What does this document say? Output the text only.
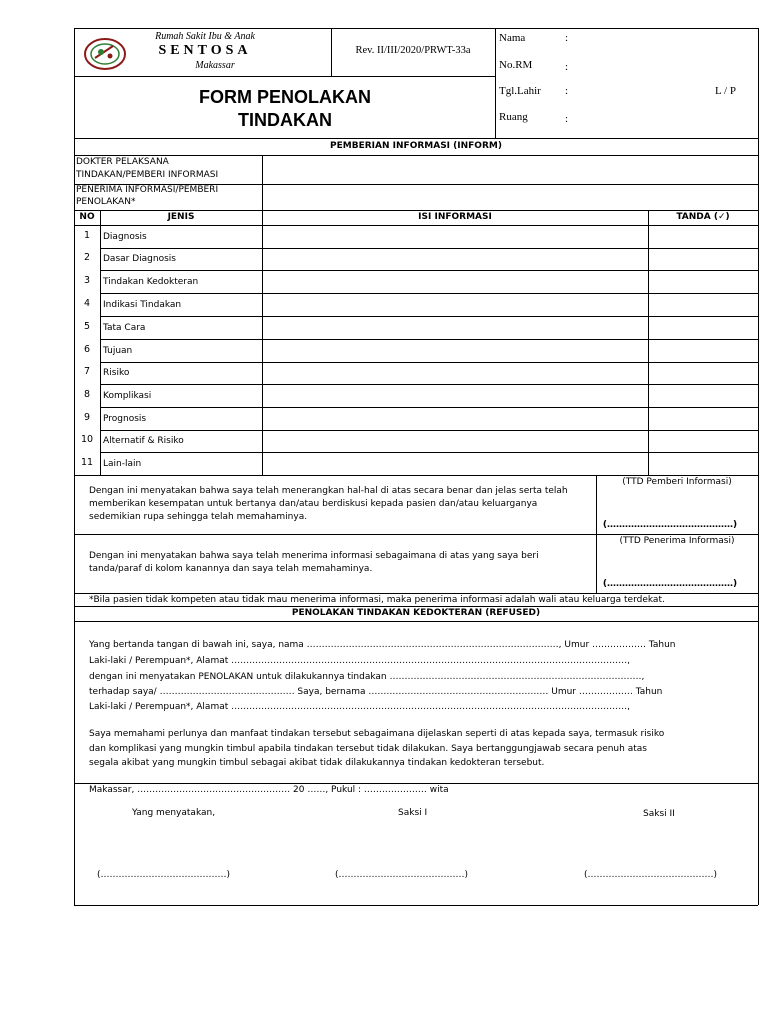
Rumah Sakit Ibu & Anak
SENTOSA
Makassar
Rev. II/III/2020/PRWT-33a
FORM PENOLAKAN
TINDAKAN
Nama	:
No.RM	:
Tgl.Lahir :	L / P
Ruang	:
PEMBERIAN INFORMASI (INFORM)
DOKTER PELAKSANA
TINDAKAN/PEMBERI INFORMASI
PENERIMA INFORMASI/PEMBERI
PENOLAKAN*
NO	JENIS	ISI INFORMASI	TANDA (✓)
1	Diagnosis
2	Dasar Diagnosis
3	Tindakan Kedokteran
4	Indikasi Tindakan
5	Tata Cara
6	Tujuan
7	Risiko
8	Komplikasi
9	Prognosis
10	Alternatif & Risiko
11	Lain-lain
Dengan ini menyatakan bahwa saya telah menerangkan hal-hal di atas secara benar dan jelas serta telah
memberikan kesempatan untuk bertanya dan/atau berdiskusi kepada pasien dan/atau keluarganya
sedemikian rupa sehingga telah memahaminya.
(TTD Pemberi Informasi)
(……………………………………)
Dengan ini menyatakan bahwa saya telah menerima informasi sebagaimana di atas yang saya beri
tanda/paraf di kolom kanannya dan saya telah memahaminya.
(TTD Penerima Informasi)
(……………………………………)
*Bila pasien tidak kompeten atau tidak mau menerima informasi, maka penerima informasi adalah wali atau keluarga terdekat.
PENOLAKAN TINDAKAN KEDOKTERAN (REFUSED)
Yang bertanda tangan di bawah ini, saya, nama …………………………………………………………………………, Umur ……………… Tahun
Laki-laki / Perempuan*, Alamat ……………………………………………………………………………………………………………………,
dengan ini menyatakan PENOLAKAN untuk dilakukannya tindakan …………………………………………………………………………,
terhadap saya/ ……………………………………… Saya, bernama …………………………………………………… Umur ……………… Tahun
Laki-laki / Perempuan*, Alamat ……………………………………………………………………………………………………………………,
Saya memahami perlunya dan manfaat tindakan tersebut sebagaimana dijelaskan seperti di atas kepada saya, termasuk risiko
dan komplikasi yang mungkin timbul apabila tindakan tersebut tidak dilakukan. Saya bertanggungjawab secara penuh atas
segala akibat yang mungkin timbul sebagai akibat tidak dilakukannya tindakan kedokteran tersebut.
Makassar, …………………………………………… 20 ……, Pukul : ………………… wita
Yang menyatakan,	Saksi I	Saksi II
(……………………………………)	(……………………………………)	(……………………………………)
